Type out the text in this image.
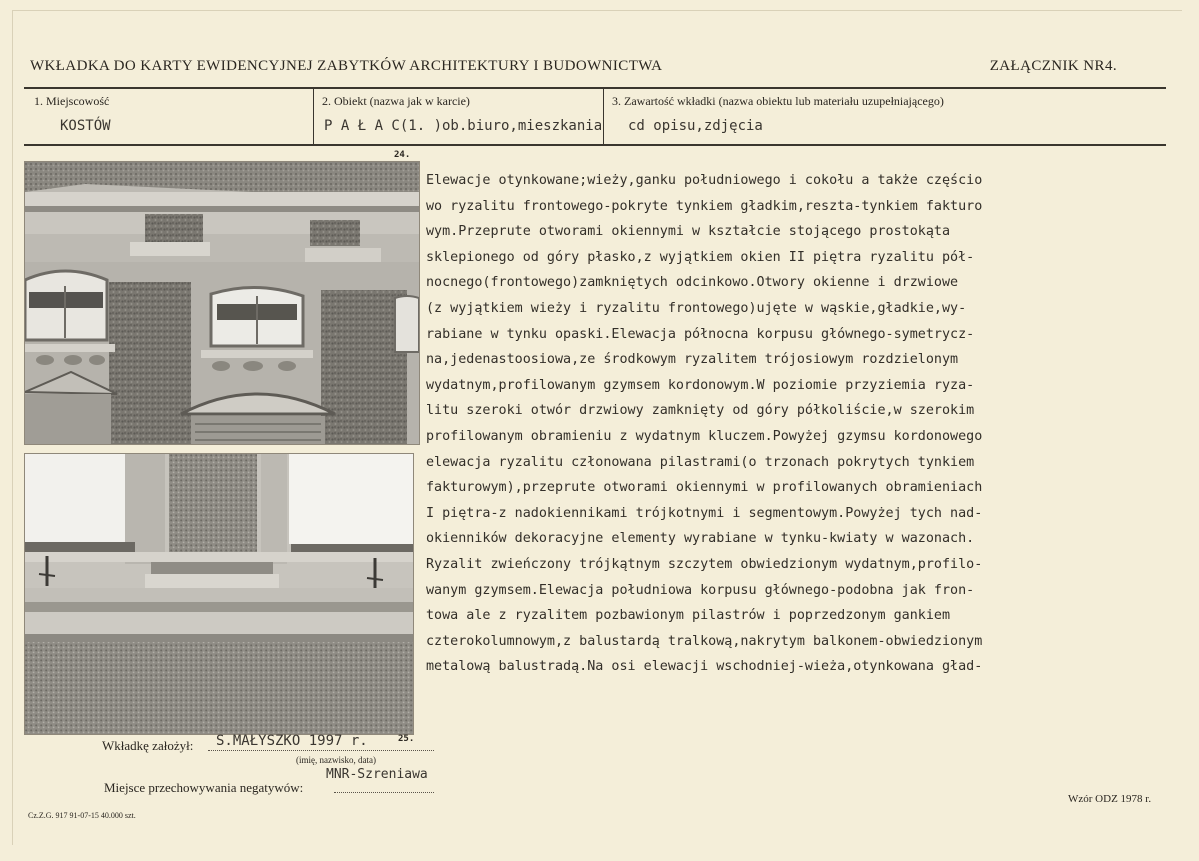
WKŁADKA DO KARTY EWIDENCYJNEJ ZABYTKÓW ARCHITEKTURY I BUDOWNICTWA	ZAŁĄCZNIK NR4.
1. Miejscowość
KOSTÓW
2. Obiekt (nazwa jak w karcie)
P A Ł A C(1. )ob.biuro,mieszkania
3. Zawartość wkładki (nazwa obiektu lub materiału uzupełniającego)
cd opisu,zdjęcia
24.
Elewacje otynkowane;wieży,ganku południowego i cokołu a także częścio
wo ryzalitu frontowego-pokryte tynkiem gładkim,reszta-tynkiem fakturo
wym.Przeprute otworami okiennymi w kształcie stojącego prostokąta
sklepionego od góry płasko,z wyjątkiem okien II piętra ryzalitu pół-
nocnego(frontowego)zamkniętych odcinkowo.Otwory okienne i drzwiowe
(z wyjątkiem wieży i ryzalitu frontowego)ujęte w wąskie,gładkie,wy-
rabiane w tynku opaski.Elewacja północna korpusu głównego-symetrycz-
na,jedenastoosiowa,ze środkowym ryzalitem trójosiowym rozdzielonym
wydatnym,profilowanym gzymsem kordonowym.W poziomie przyziemia ryza-
litu szeroki otwór drzwiowy zamknięty od góry półkoliście,w szerokim
profilowanym obramieniu z wydatnym kluczem.Powyżej gzymsu kordonowego
elewacja ryzalitu członowana pilastrami(o trzonach pokrytych tynkiem
fakturowym),przeprute otworami okiennymi w profilowanych obramieniach
I piętra-z nadokiennikami trójkotnymi i segmentowym.Powyżej tych nad-
okienników dekoracyjne elementy wyrabiane w tynku-kwiaty w wazonach.
Ryzalit zwieńczony trójkątnym szczytem obwiedzionym wydatnym,profilo-
wanym gzymsem.Elewacja południowa korpusu głównego-podobna jak fron-
towa ale z ryzalitem pozbawionym pilastrów i poprzedzonym gankiem
czterokolumnowym,z balustardą tralkową,nakrytym balkonem-obwiedzionym
metalową balustradą.Na osi elewacji wschodniej-wieża,otynkowana gład-
Wkładkę założył: S.MAŁYSZKO 1997 r.	25.
(imię, nazwisko, data)
MNR-Szreniawa
Miejsce przechowywania negatywów:
Cz.Z.G. 917 91-07-15 40.000 szt.
Wzór ODZ 1978 r.
